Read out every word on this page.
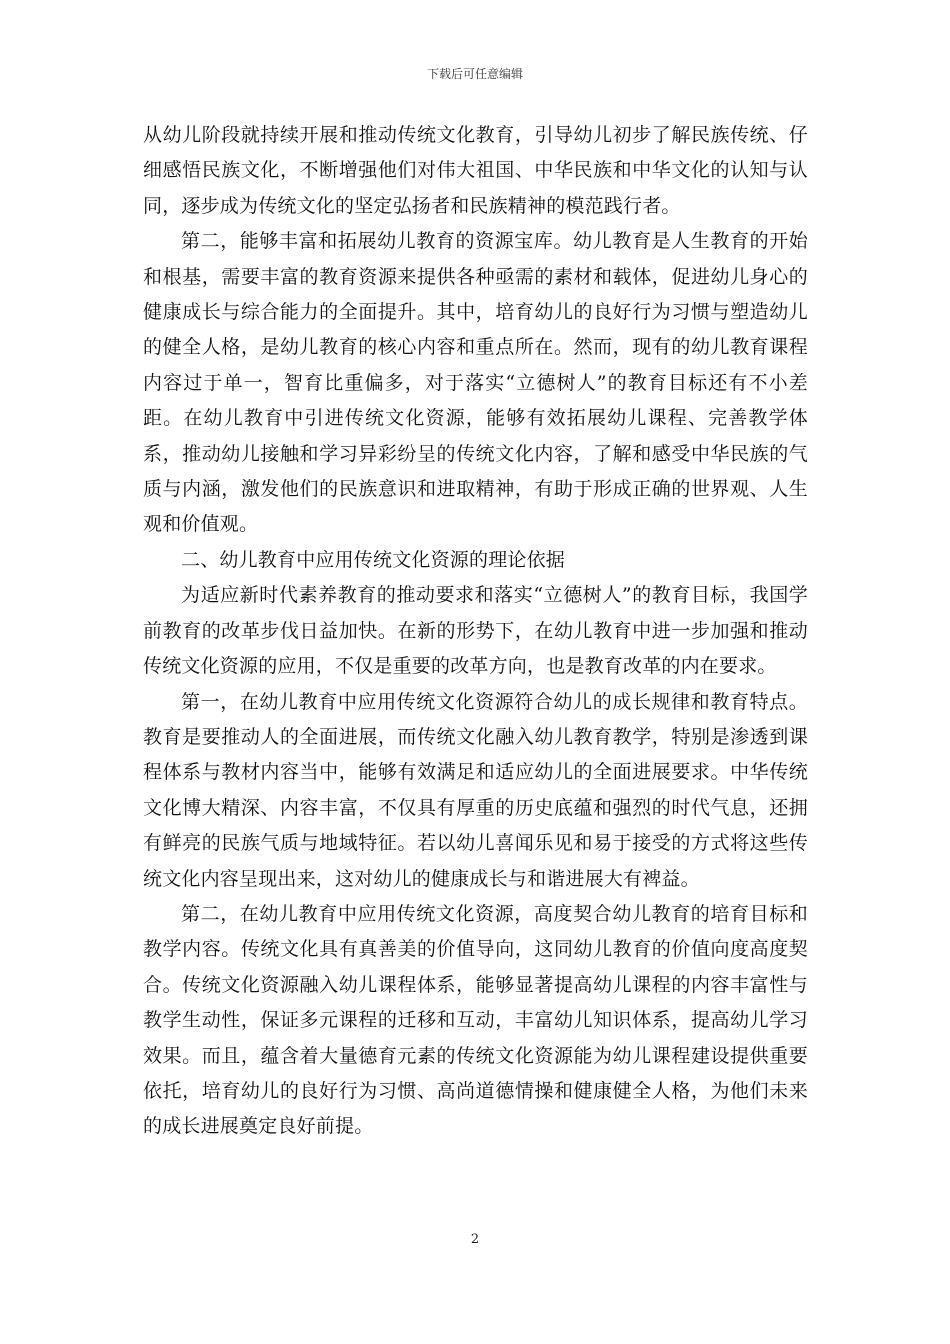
下载后可任意编辑

从幼儿阶段就持续开展和推动传统文化教育，引导幼儿初步了解民族传统、仔细感悟民族文化，不断增强他们对伟大祖国、中华民族和中华文化的认知与认同，逐步成为传统文化的坚定弘扬者和民族精神的模范践行者。

第二，能够丰富和拓展幼儿教育的资源宝库。幼儿教育是人生教育的开始和根基，需要丰富的教育资源来提供各种亟需的素材和载体，促进幼儿身心的健康成长与综合能力的全面提升。其中，培育幼儿的良好行为习惯与塑造幼儿的健全人格，是幼儿教育的核心内容和重点所在。然而，现有的幼儿教育课程内容过于单一，智育比重偏多，对于落实“立德树人”的教育目标还有不小差距。在幼儿教育中引进传统文化资源，能够有效拓展幼儿课程、完善教学体系，推动幼儿接触和学习异彩纷呈的传统文化内容，了解和感受中华民族的气质与内涵，激发他们的民族意识和进取精神，有助于形成正确的世界观、人生观和价值观。

二、幼儿教育中应用传统文化资源的理论依据

为适应新时代素养教育的推动要求和落实“立德树人”的教育目标，我国学前教育的改革步伐日益加快。在新的形势下，在幼儿教育中进一步加强和推动传统文化资源的应用，不仅是重要的改革方向，也是教育改革的内在要求。

第一，在幼儿教育中应用传统文化资源符合幼儿的成长规律和教育特点。教育是要推动人的全面进展，而传统文化融入幼儿教育教学，特别是渗透到课程体系与教材内容当中，能够有效满足和适应幼儿的全面进展要求。中华传统文化博大精深、内容丰富，不仅具有厚重的历史底蕴和强烈的时代气息，还拥有鲜亮的民族气质与地域特征。若以幼儿喜闻乐见和易于接受的方式将这些传统文化内容呈现出来，这对幼儿的健康成长与和谐进展大有裨益。

第二，在幼儿教育中应用传统文化资源，高度契合幼儿教育的培育目标和教学内容。传统文化具有真善美的价值导向，这同幼儿教育的价值向度高度契合。传统文化资源融入幼儿课程体系，能够显著提高幼儿课程的内容丰富性与教学生动性，保证多元课程的迁移和互动，丰富幼儿知识体系，提高幼儿学习效果。而且，蕴含着大量德育元素的传统文化资源能为幼儿课程建设提供重要依托，培育幼儿的良好行为习惯、高尚道德情操和健康健全人格，为他们未来的成长进展奠定良好前提。

2
